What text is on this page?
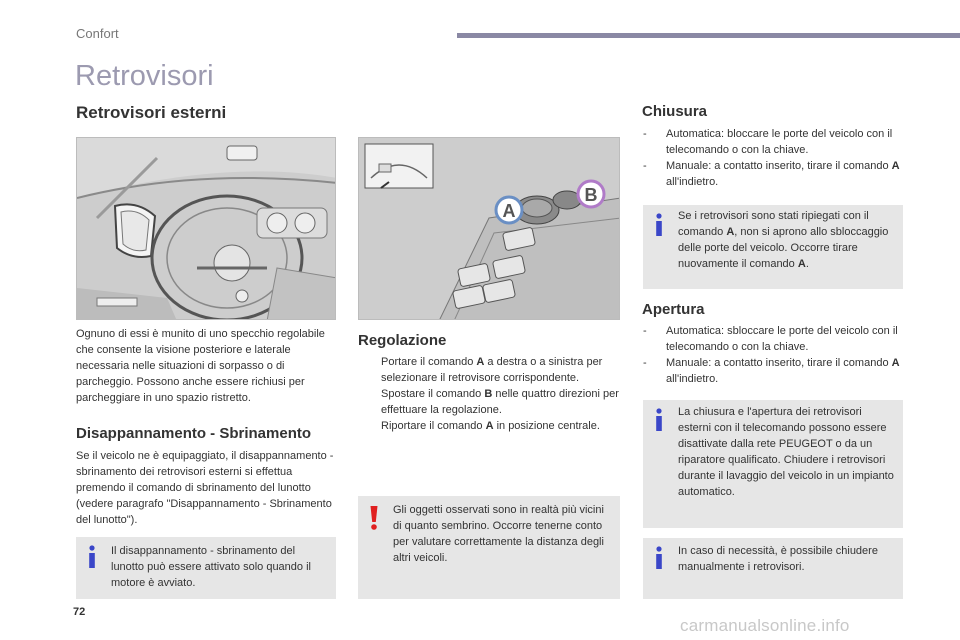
Confort
Retrovisori
Retrovisori esterni
Ognuno di essi è munito di uno specchio regolabile che consente la visione posteriore e laterale necessaria nelle situazioni di sorpasso o di parcheggio. Possono anche essere richiusi per parcheggiare in uno spazio ristretto.
Disappannamento - Sbrinamento
Se il veicolo ne è equipaggiato, il disappannamento - sbrinamento dei retrovisori esterni si effettua premendo il comando di sbrinamento del lunotto (vedere paragrafo "Disappannamento - Sbrinamento del lunotto").
Il disappannamento - sbrinamento del lunotto può essere attivato solo quando il motore è avviato.
A
B
Regolazione
Portare il comando A a destra o a sinistra per selezionare il retrovisore corrispondente.
Spostare il comando B nelle quattro direzioni per effettuare la regolazione.
Riportare il comando A in posizione centrale.
Gli oggetti osservati sono in realtà più vicini di quanto sembrino. Occorre tenerne conto per valutare correttamente la distanza degli altri veicoli.
Chiusura
-	Automatica: bloccare le porte del veicolo con il telecomando o con la chiave.
-	Manuale: a contatto inserito, tirare il comando A all'indietro.
Se i retrovisori sono stati ripiegati con il comando A, non si aprono allo sbloccaggio delle porte del veicolo. Occorre tirare nuovamente il comando A.
Apertura
-	Automatica: sbloccare le porte del veicolo con il telecomando o con la chiave.
-	Manuale: a contatto inserito, tirare il comando A all'indietro.
La chiusura e l'apertura dei retrovisori esterni con il telecomando possono essere disattivate dalla rete PEUGEOT o da un riparatore qualificato. Chiudere i retrovisori durante il lavaggio del veicolo in un impianto automatico.
In caso di necessità, è possibile chiudere manualmente i retrovisori.
72
carmanualsonline.info
